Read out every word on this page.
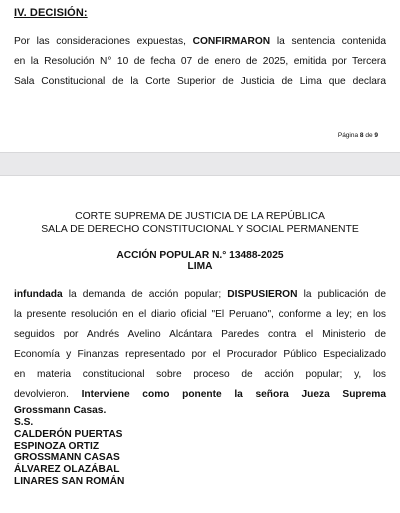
IV. DECISIÓN:
Por las consideraciones expuestas, CONFIRMARON la sentencia contenida
en la Resolución N° 10 de fecha 07 de enero de 2025, emitida por Tercera
Sala Constitucional de la Corte Superior de Justicia de Lima que declara
Página 8 de 9
CORTE SUPREMA DE JUSTICIA DE LA REPÚBLICA
SALA DE DERECHO CONSTITUCIONAL Y SOCIAL PERMANENTE
ACCIÓN POPULAR N.° 13488-2025
LIMA
infundada la demanda de acción popular; DISPUSIERON la publicación de
la presente resolución en el diario oficial "El Peruano", conforme a ley; en los
seguidos por Andrés Avelino Alcántara Paredes contra el Ministerio de
Economía y Finanzas representado por el Procurador Público Especializado
en materia constitucional sobre proceso de acción popular; y, los
devolvieron. Interviene como ponente la señora Jueza Suprema
Grossmann Casas.
S.S.
CALDERÓN PUERTAS
ESPINOZA ORTIZ
GROSSMANN CASAS
ÁLVAREZ OLAZÁBAL
LINARES SAN ROMÁN
